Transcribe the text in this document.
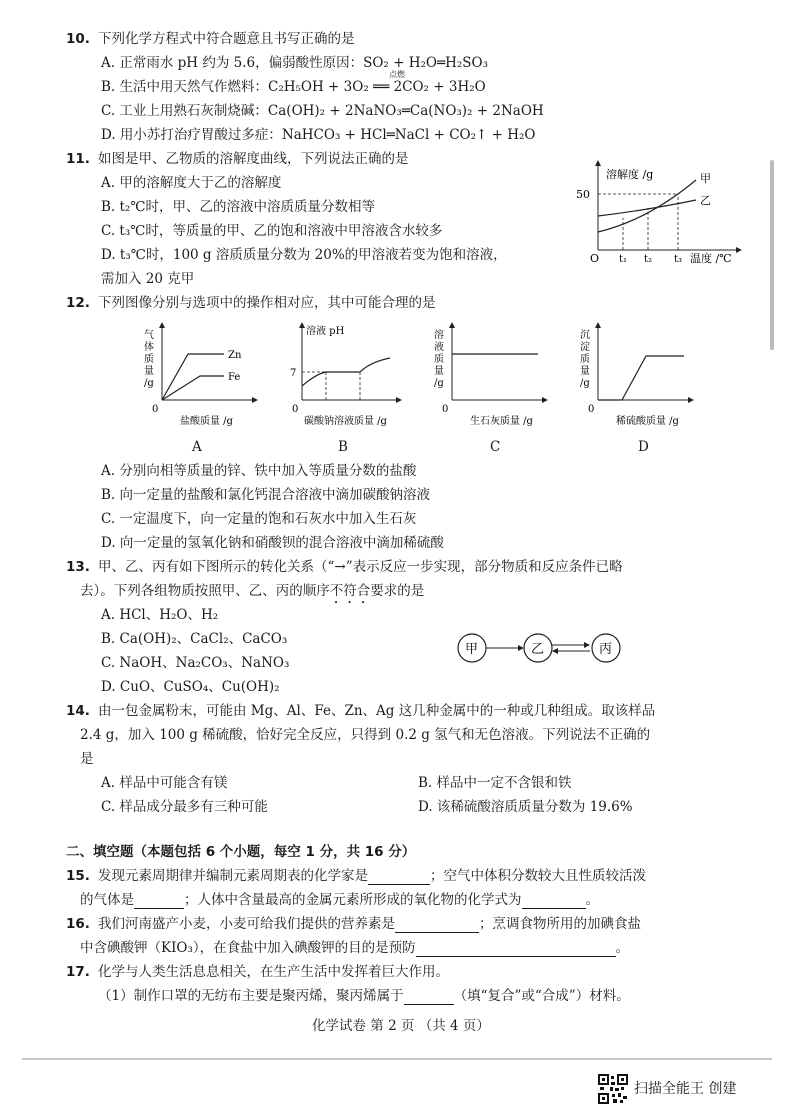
10. 下列化学方程式中符合题意且书写正确的是
A. 正常雨水 pH 约为 5.6，偏弱酸性原因：SO₂ + H₂O═H₂SO₃
B. 生活中用天然气作燃料：C₂H₅OH + 3O₂ ══ 2CO₂ + 3H₂O
点燃
C. 工业上用熟石灰制烧碱：Ca(OH)₂ + 2NaNO₃═Ca(NO₃)₂ + 2NaOH
D. 用小苏打治疗胃酸过多症：NaHCO₃ + HCl═NaCl + CO₂↑ + H₂O
11. 如图是甲、乙物质的溶解度曲线，下列说法正确的是
A. 甲的溶解度大于乙的溶解度
B. t₂℃时，甲、乙的溶液中溶质质量分数相等
C. t₃℃时，等质量的甲、乙的饱和溶液中甲溶液含水较多
D. t₃℃时，100 g 溶质质量分数为 20%的甲溶液若变为饱和溶液，
需加入 20 克甲
溶解度 /g
50
甲
乙
O t₁ t₂ t₃ 温度 /℃
12. 下列图像分别与选项中的操作相对应，其中可能合理的是
气
体
质
量
/g
Zn
Fe
0
盐酸质量 /g
A
溶液 pH
7
0
碳酸钠溶液质量 /g
B
溶
液
质
量
/g
0
生石灰质量 /g
C
沉
淀
质
量
/g
0
稀硫酸质量 /g
D
A. 分别向相等质量的锌、铁中加入等质量分数的盐酸
B. 向一定量的盐酸和氯化钙混合溶液中滴加碳酸钠溶液
C. 一定温度下，向一定量的饱和石灰水中加入生石灰
D. 向一定量的氢氧化钠和硝酸钡的混合溶液中滴加稀硫酸
13. 甲、乙、丙有如下图所示的转化关系（“→”表示反应一步实现，部分物质和反应条件已略
去）。下列各组物质按照甲、乙、丙的顺序不符合要求的是
A. HCl、H₂O、H₂
B. Ca(OH)₂、CaCl₂、CaCO₃
C. NaOH、Na₂CO₃、NaNO₃
D. CuO、CuSO₄、Cu(OH)₂
甲	乙	丙
14. 由一包金属粉末，可能由 Mg、Al、Fe、Zn、Ag 这几种金属中的一种或几种组成。取该样品
2.4 g，加入 100 g 稀硫酸，恰好完全反应，只得到 0.2 g 氢气和无色溶液。下列说法不正确的
是
A. 样品中可能含有镁	B. 样品中一定不含银和铁
C. 样品成分最多有三种可能	D. 该稀硫酸溶质质量分数为 19.6%
二、填空题（本题包括 6 个小题，每空 1 分，共 16 分）
15. 发现元素周期律并编制元素周期表的化学家是	；空气中体积分数较大且性质较活泼
的气体是	；人体中含量最高的金属元素所形成的氧化物的化学式为	。
16. 我们河南盛产小麦，小麦可给我们提供的营养素是	；烹调食物所用的加碘食盐
中含碘酸钾（KIO₃），在食盐中加入碘酸钾的目的是预防	。
17. 化学与人类生活息息相关，在生产生活中发挥着巨大作用。
（1）制作口罩的无纺布主要是聚丙烯，聚丙烯属于	（填“复合”或“合成”）材料。
化学试卷 第 2 页 （共 4 页）
扫描全能王 创建
